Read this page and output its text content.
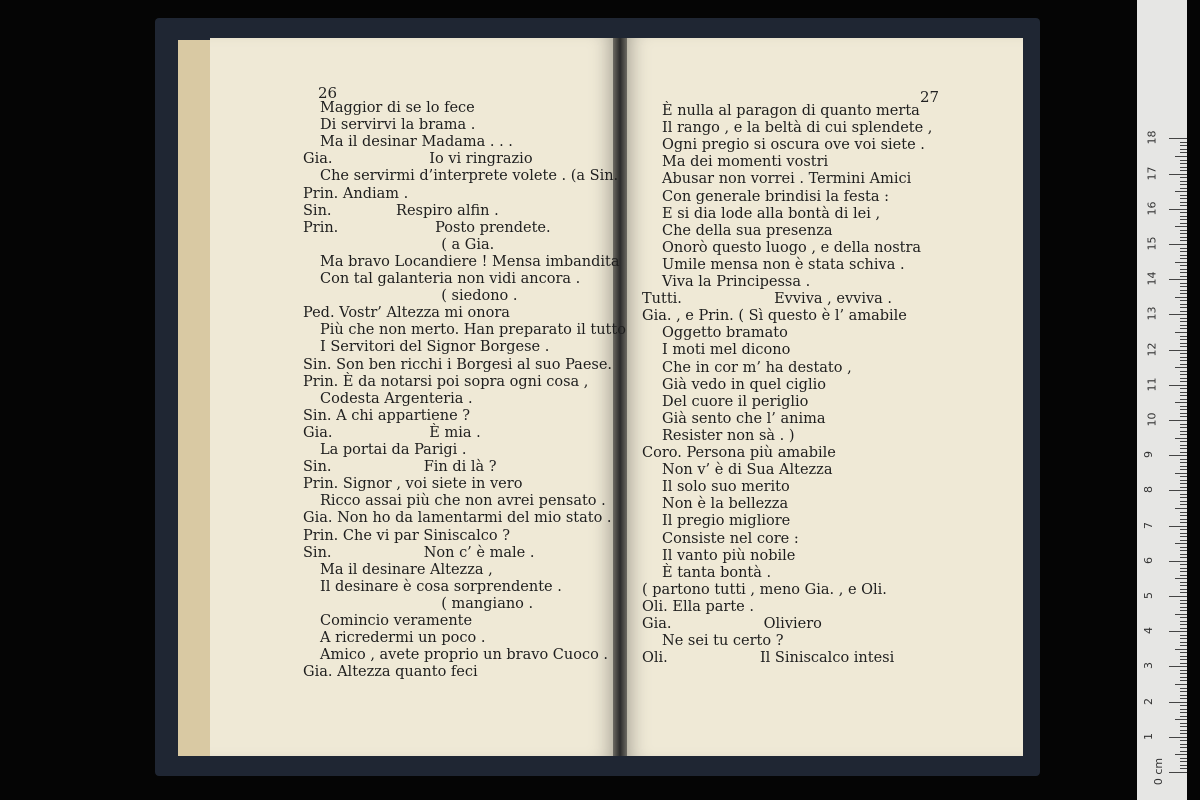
26	27
Maggior di se lo fece
Di servirvi la brama .
Ma il desinar Madama . . .
Gia.                     Io vi ringrazio
Che servirmi d’interprete volete . (a Sin.
Prin. Andiam .
Sin.              Respiro alfin .
Prin.                     Posto prendete.
( a Gia.
Ma bravo Locandiere ! Mensa imbandita
Con tal galanteria non vidi ancora .
( siedono .
Ped. Vostr’ Altezza mi onora
Più che non merto. Han preparato il tutto
I Servitori del Signor Borgese .
Sin. Son ben ricchi i Borgesi al suo Paese.
Prin. È da notarsi poi sopra ogni cosa ,
Codesta Argenteria .
Sin. A chi appartiene ?
Gia.                     È mia .
La portai da Parigi .
Sin.                    Fin di là ?
Prin. Signor , voi siete in vero
Ricco assai più che non avrei pensato .
Gia. Non ho da lamentarmi del mio stato .
Prin. Che vi par Siniscalco ?
Sin.                    Non c’ è male .
Ma il desinare Altezza ,
Il desinare è cosa sorprendente .
( mangiano .
Comincio veramente
A ricredermi un poco .
Amico , avete proprio un bravo Cuoco .
Gia. Altezza quanto feci
È nulla al paragon di quanto merta
Il rango , e la beltà di cui splendete ,
Ogni pregio si oscura ove voi siete .
Ma dei momenti vostri
Abusar non vorrei . Termini Amici
Con generale brindisi la festa :
E si dia lode alla bontà di lei ,
Che della sua presenza
Onorò questo luogo , e della nostra
Umile mensa non è stata schiva .
Viva la Principessa .
Tutti.                    Evviva , evviva .
Gia. , e Prin. ( Sì questo è l’ amabile
Oggetto bramato
I moti mel dicono
Che in cor m’ ha destato ,
Già vedo in quel ciglio
Del cuore il periglio
Già sento che l’ anima
Resister non sà . )
Coro. Persona più amabile
Non v’ è di Sua Altezza
Il solo suo merito
Non è la bellezza
Il pregio migliore
Consiste nel core :
Il vanto più nobile
È tanta bontà .
( partono tutti , meno Gia. , e Oli.
Oli. Ella parte .
Gia.                    Oliviero
Ne sei tu certo ?
Oli.                    Il Siniscalco intesi
0 cm
1
2
3
4
5
6
7
8
9
10
11
12
13
14
15
16
17
18
